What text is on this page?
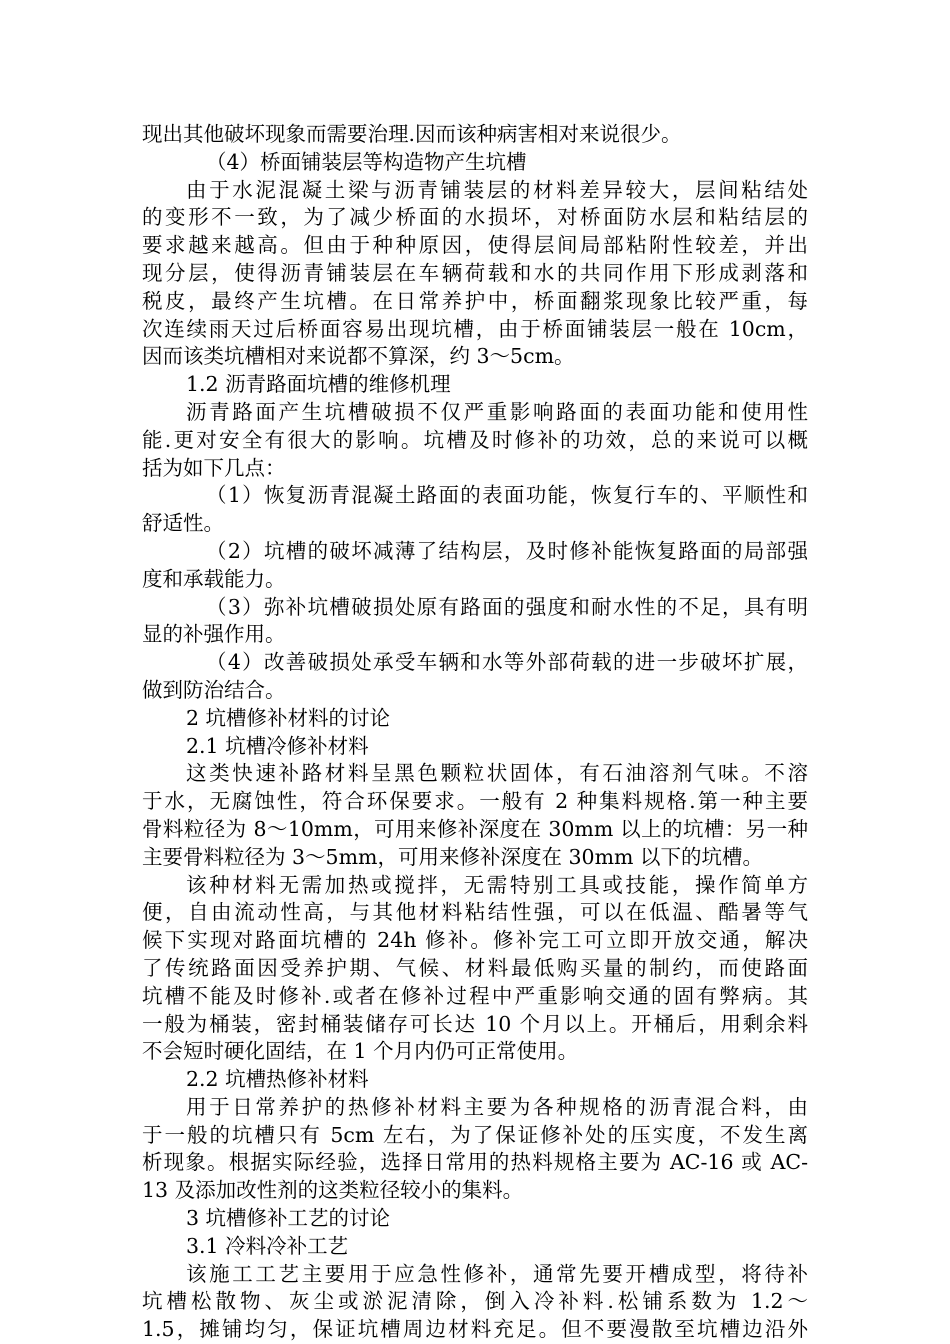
现出其他破坏现象而需要治理.因而该种病害相对来说很少。
（4）桥面铺装层等构造物产生坑槽
由于水泥混凝土梁与沥青铺装层的材料差异较大，层间粘结处
的变形不一致，为了减少桥面的水损坏，对桥面防水层和粘结层的
要求越来越高。但由于种种原因，使得层间局部粘附性较差，并出
现分层，使得沥青铺装层在车辆荷载和水的共同作用下形成剥落和
税皮，最终产生坑槽。在日常养护中，桥面翻浆现象比较严重，每
次连续雨天过后桥面容易出现坑槽，由于桥面铺装层一般在 10cm，
因而该类坑槽相对来说都不算深，约 3～5cm。
1.2 沥青路面坑槽的维修机理
沥青路面产生坑槽破损不仅严重影响路面的表面功能和使用性
能.更对安全有很大的影响。坑槽及时修补的功效，总的来说可以概
括为如下几点：
（1）恢复沥青混凝土路面的表面功能，恢复行车的、平顺性和
舒适性。
（2）坑槽的破坏减薄了结构层，及时修补能恢复路面的局部强
度和承载能力。
（3）弥补坑槽破损处原有路面的强度和耐水性的不足，具有明
显的补强作用。
（4）改善破损处承受车辆和水等外部荷载的进一步破坏扩展，
做到防治结合。
2 坑槽修补材料的讨论
2.1 坑槽冷修补材料
这类快速补路材料呈黑色颗粒状固体，有石油溶剂气味。不溶
于水，无腐蚀性，符合环保要求。一般有 2 种集料规格.第一种主要
骨料粒径为 8～10mm，可用来修补深度在 30mm 以上的坑槽：另一种
主要骨料粒径为 3～5mm，可用来修补深度在 30mm 以下的坑槽。
该种材料无需加热或搅拌，无需特别工具或技能，操作简单方
便，自由流动性高，与其他材料粘结性强，可以在低温、酷暑等气
候下实现对路面坑槽的 24h 修补。修补完工可立即开放交通，解决
了传统路面因受养护期、气候、材料最低购买量的制约，而使路面
坑槽不能及时修补.或者在修补过程中严重影响交通的固有弊病。其
一般为桶装，密封桶装储存可长达 10 个月以上。开桶后，用剩余料
不会短时硬化固结，在 1 个月内仍可正常使用。
2.2 坑槽热修补材料
用于日常养护的热修补材料主要为各种规格的沥青混合料，由
于一般的坑槽只有 5cm 左右，为了保证修补处的压实度，不发生离
析现象。根据实际经验，选择日常用的热料规格主要为 AC-16 或 AC-
13 及添加改性剂的这类粒径较小的集料。
3 坑槽修补工艺的讨论
3.1 冷料冷补工艺
该施工工艺主要用于应急性修补，通常先要开槽成型，将待补
坑槽松散物、灰尘或淤泥清除，倒入冷补料.松铺系数为 1.2～
1.5，摊铺均匀，保证坑槽周边材料充足。但不要漫散至坑槽边沿外
